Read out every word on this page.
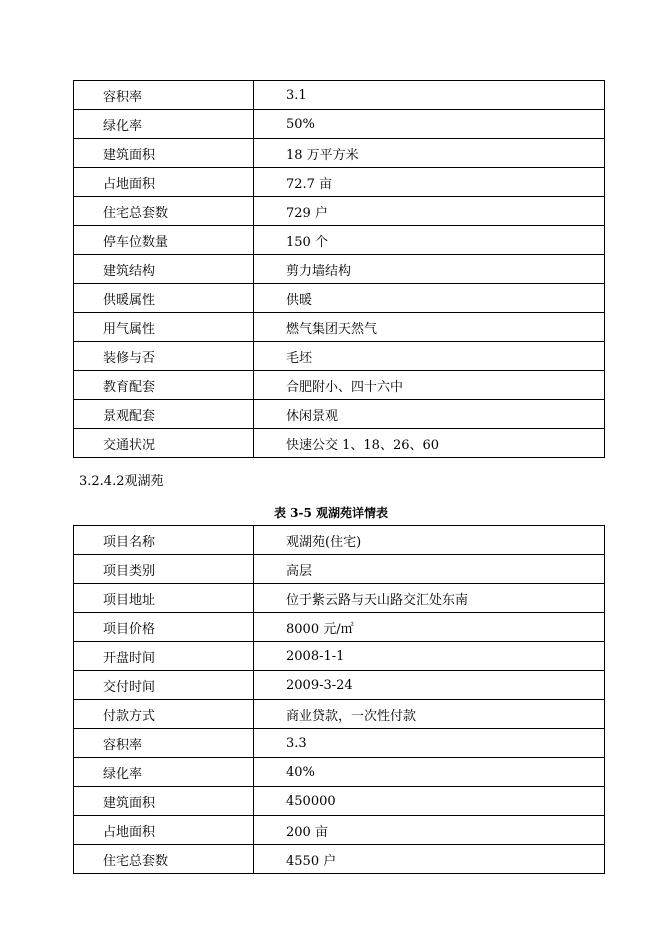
容积率	3.1
绿化率	50%
建筑面积	18 万平方米
占地面积	72.7 亩
住宅总套数	729 户
停车位数量	150 个
建筑结构	剪力墙结构
供暖属性	供暖
用气属性	燃气集团天然气
装修与否	毛坯
教育配套	合肥附小、四十六中
景观配套	休闲景观
交通状况	快速公交 1、18、26、60
3.2.4.2观湖苑
表 3-5 观湖苑详情表
项目名称	观湖苑(住宅)
项目类别	高层
项目地址	位于紫云路与天山路交汇处东南
项目价格	8000 元/㎡
开盘时间	2008-1-1
交付时间	2009-3-24
付款方式	商业贷款，一次性付款
容积率	3.3
绿化率	40%
建筑面积	450000
占地面积	200 亩
住宅总套数	4550 户
